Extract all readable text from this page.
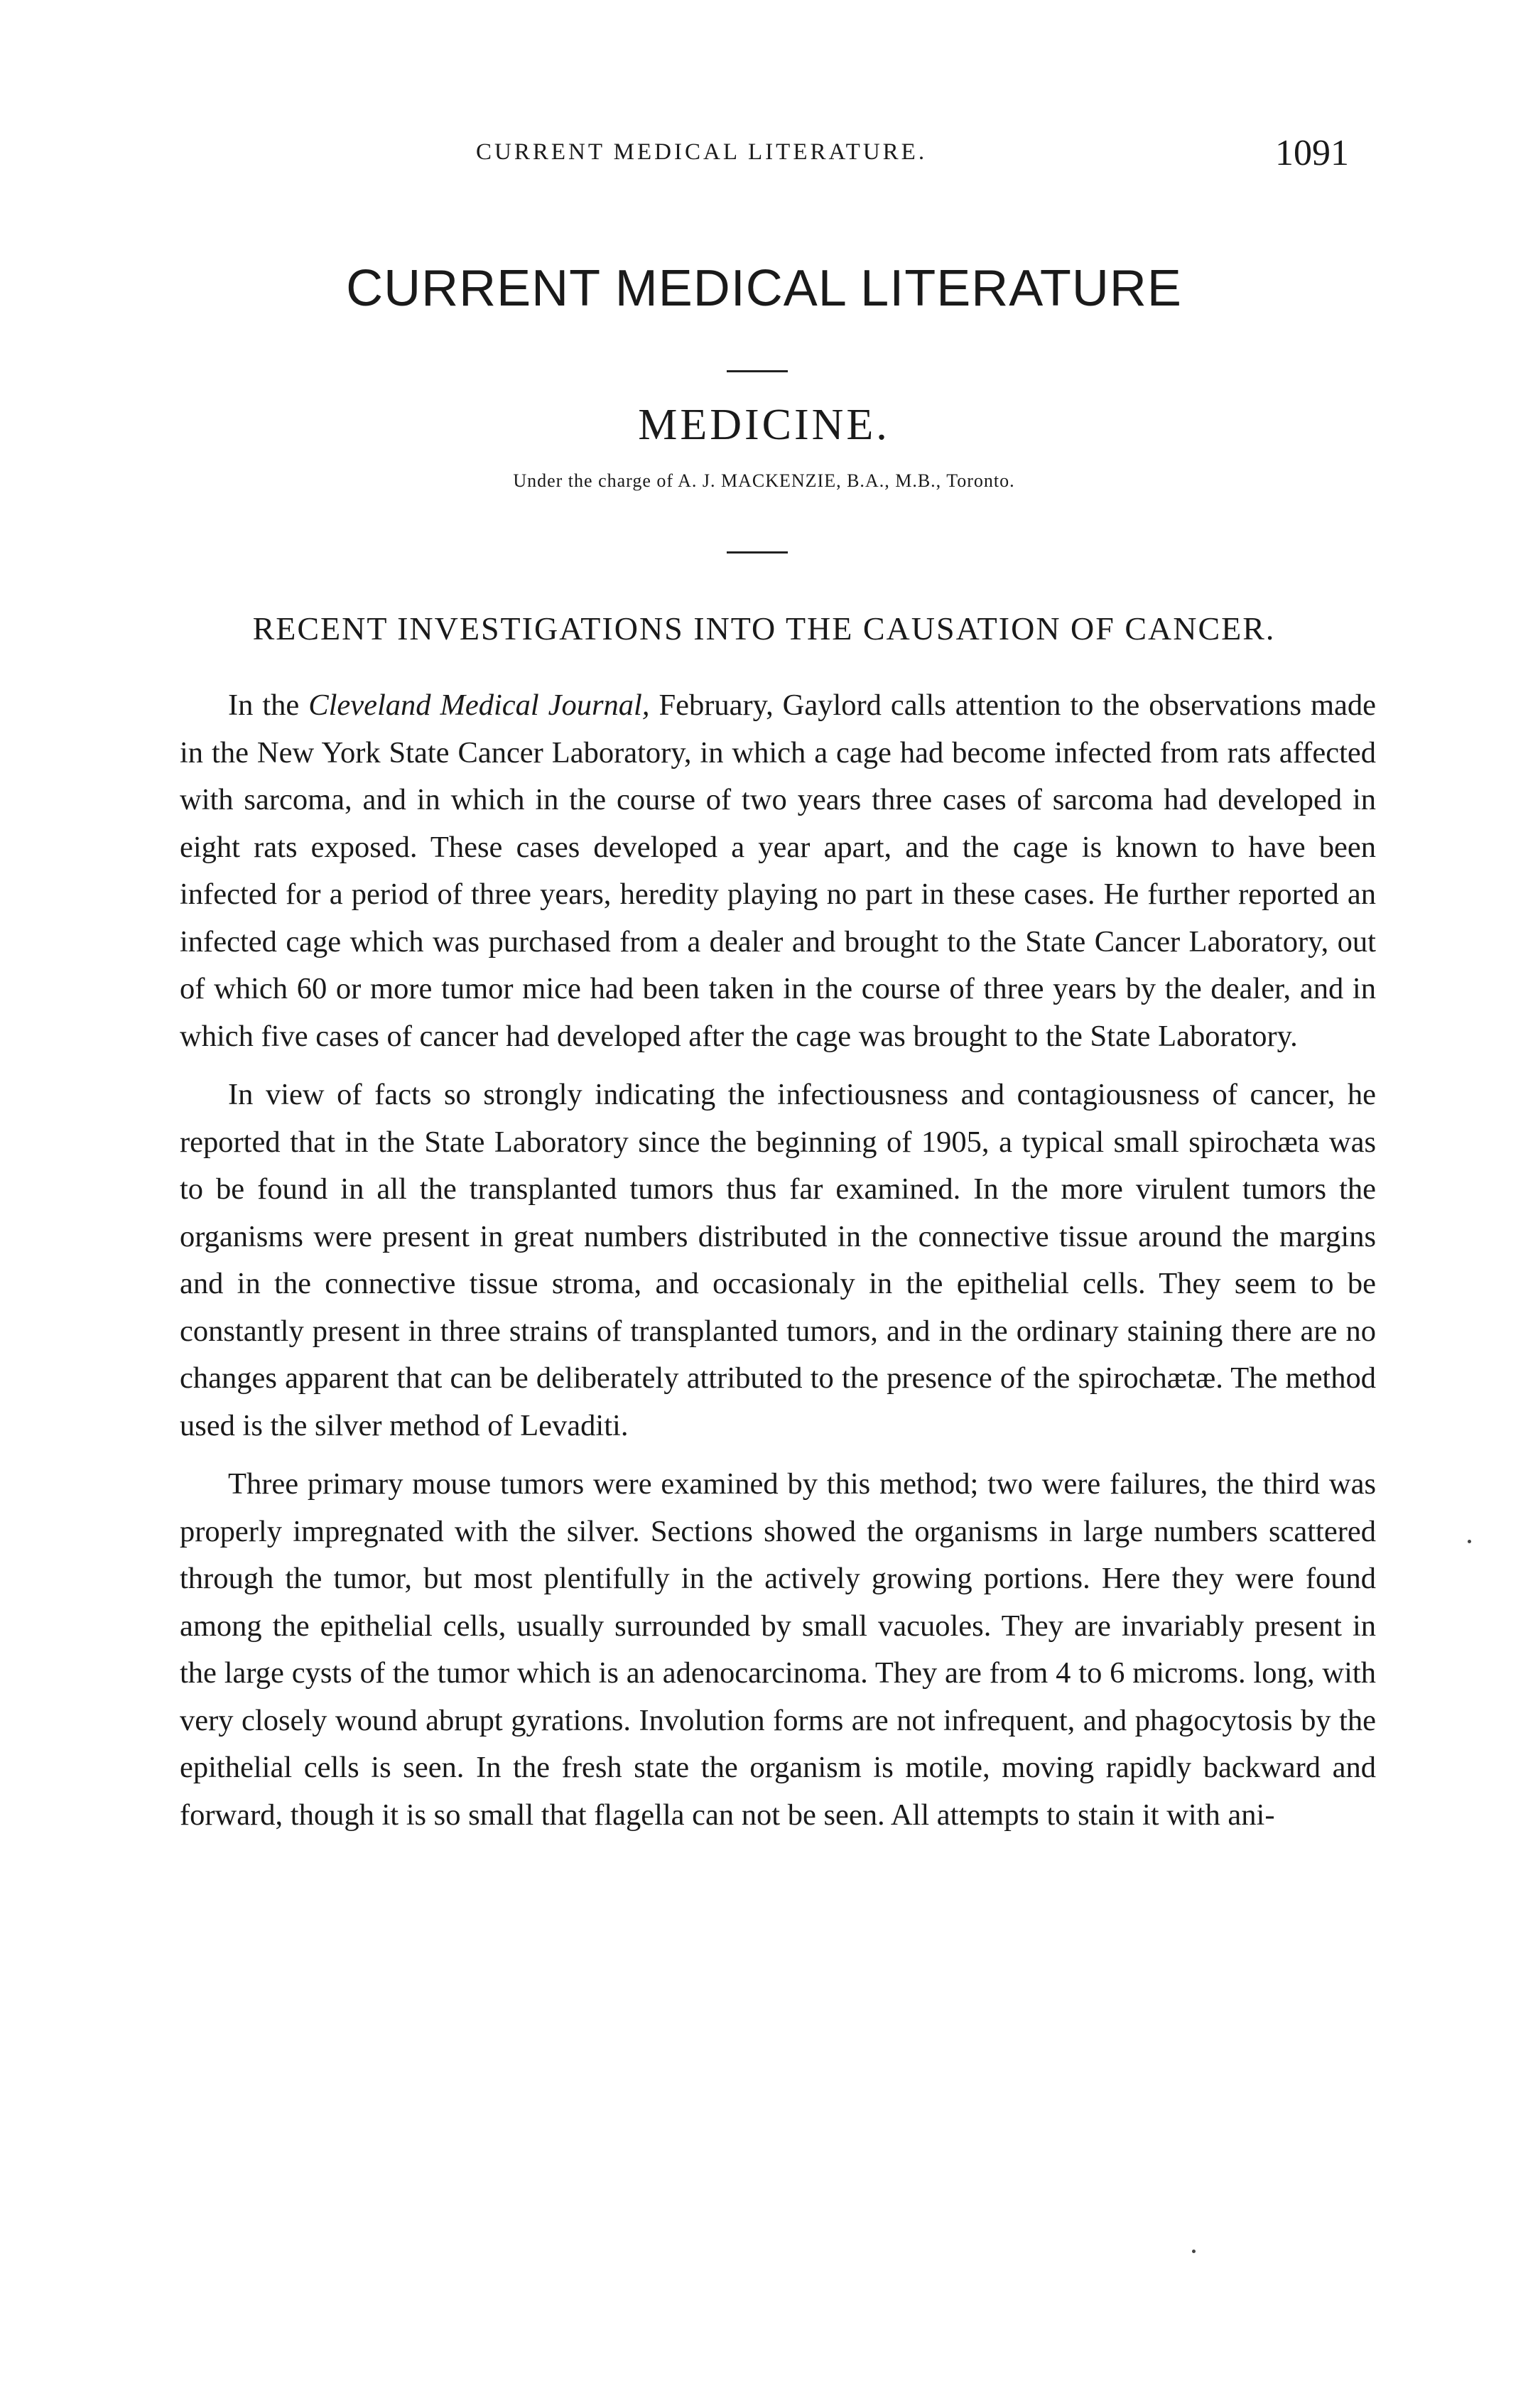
CURRENT MEDICAL LITERATURE.	1091
CURRENT MEDICAL LITERATURE
MEDICINE.
Under the charge of A. J. MACKENZIE, B.A., M.B., Toronto.
RECENT INVESTIGATIONS INTO THE CAUSATION OF CANCER.

In the Cleveland Medical Journal, February, Gaylord calls attention to the observations made in the New York State Cancer Laboratory, in which a cage had become infected from rats affected with sarcoma, and in which in the course of two years three cases of sarcoma had developed in eight rats exposed. These cases developed a year apart, and the cage is known to have been infected for a period of three years, heredity playing no part in these cases. He further reported an infected cage which was purchased from a dealer and brought to the State Cancer Laboratory, out of which 60 or more tumor mice had been taken in the course of three years by the dealer, and in which five cases of cancer had developed after the cage was brought to the State Laboratory.

In view of facts so strongly indicating the infectiousness and contagiousness of cancer, he reported that in the State Laboratory since the beginning of 1905, a typical small spirochæta was to be found in all the transplanted tumors thus far examined. In the more virulent tumors the organisms were present in great numbers distributed in the connective tissue around the margins and in the connective tissue stroma, and occasionaly in the epithelial cells. They seem to be constantly present in three strains of transplanted tumors, and in the ordinary staining there are no changes apparent that can be deliberately attributed to the presence of the spirochætæ. The method used is the silver method of Levaditi.

Three primary mouse tumors were examined by this method; two were failures, the third was properly impregnated with the silver. Sections showed the organisms in large numbers scattered through the tumor, but most plentifully in the actively growing portions. Here they were found among the epithelial cells, usually surrounded by small vacuoles. They are invariably present in the large cysts of the tumor which is an adenocarcinoma. They are from 4 to 6 microms. long, with very closely wound abrupt gyrations. Involution forms are not infrequent, and phagocytosis by the epithelial cells is seen. In the fresh state the organism is motile, moving rapidly backward and forward, though it is so small that flagella can not be seen. All attempts to stain it with ani-
